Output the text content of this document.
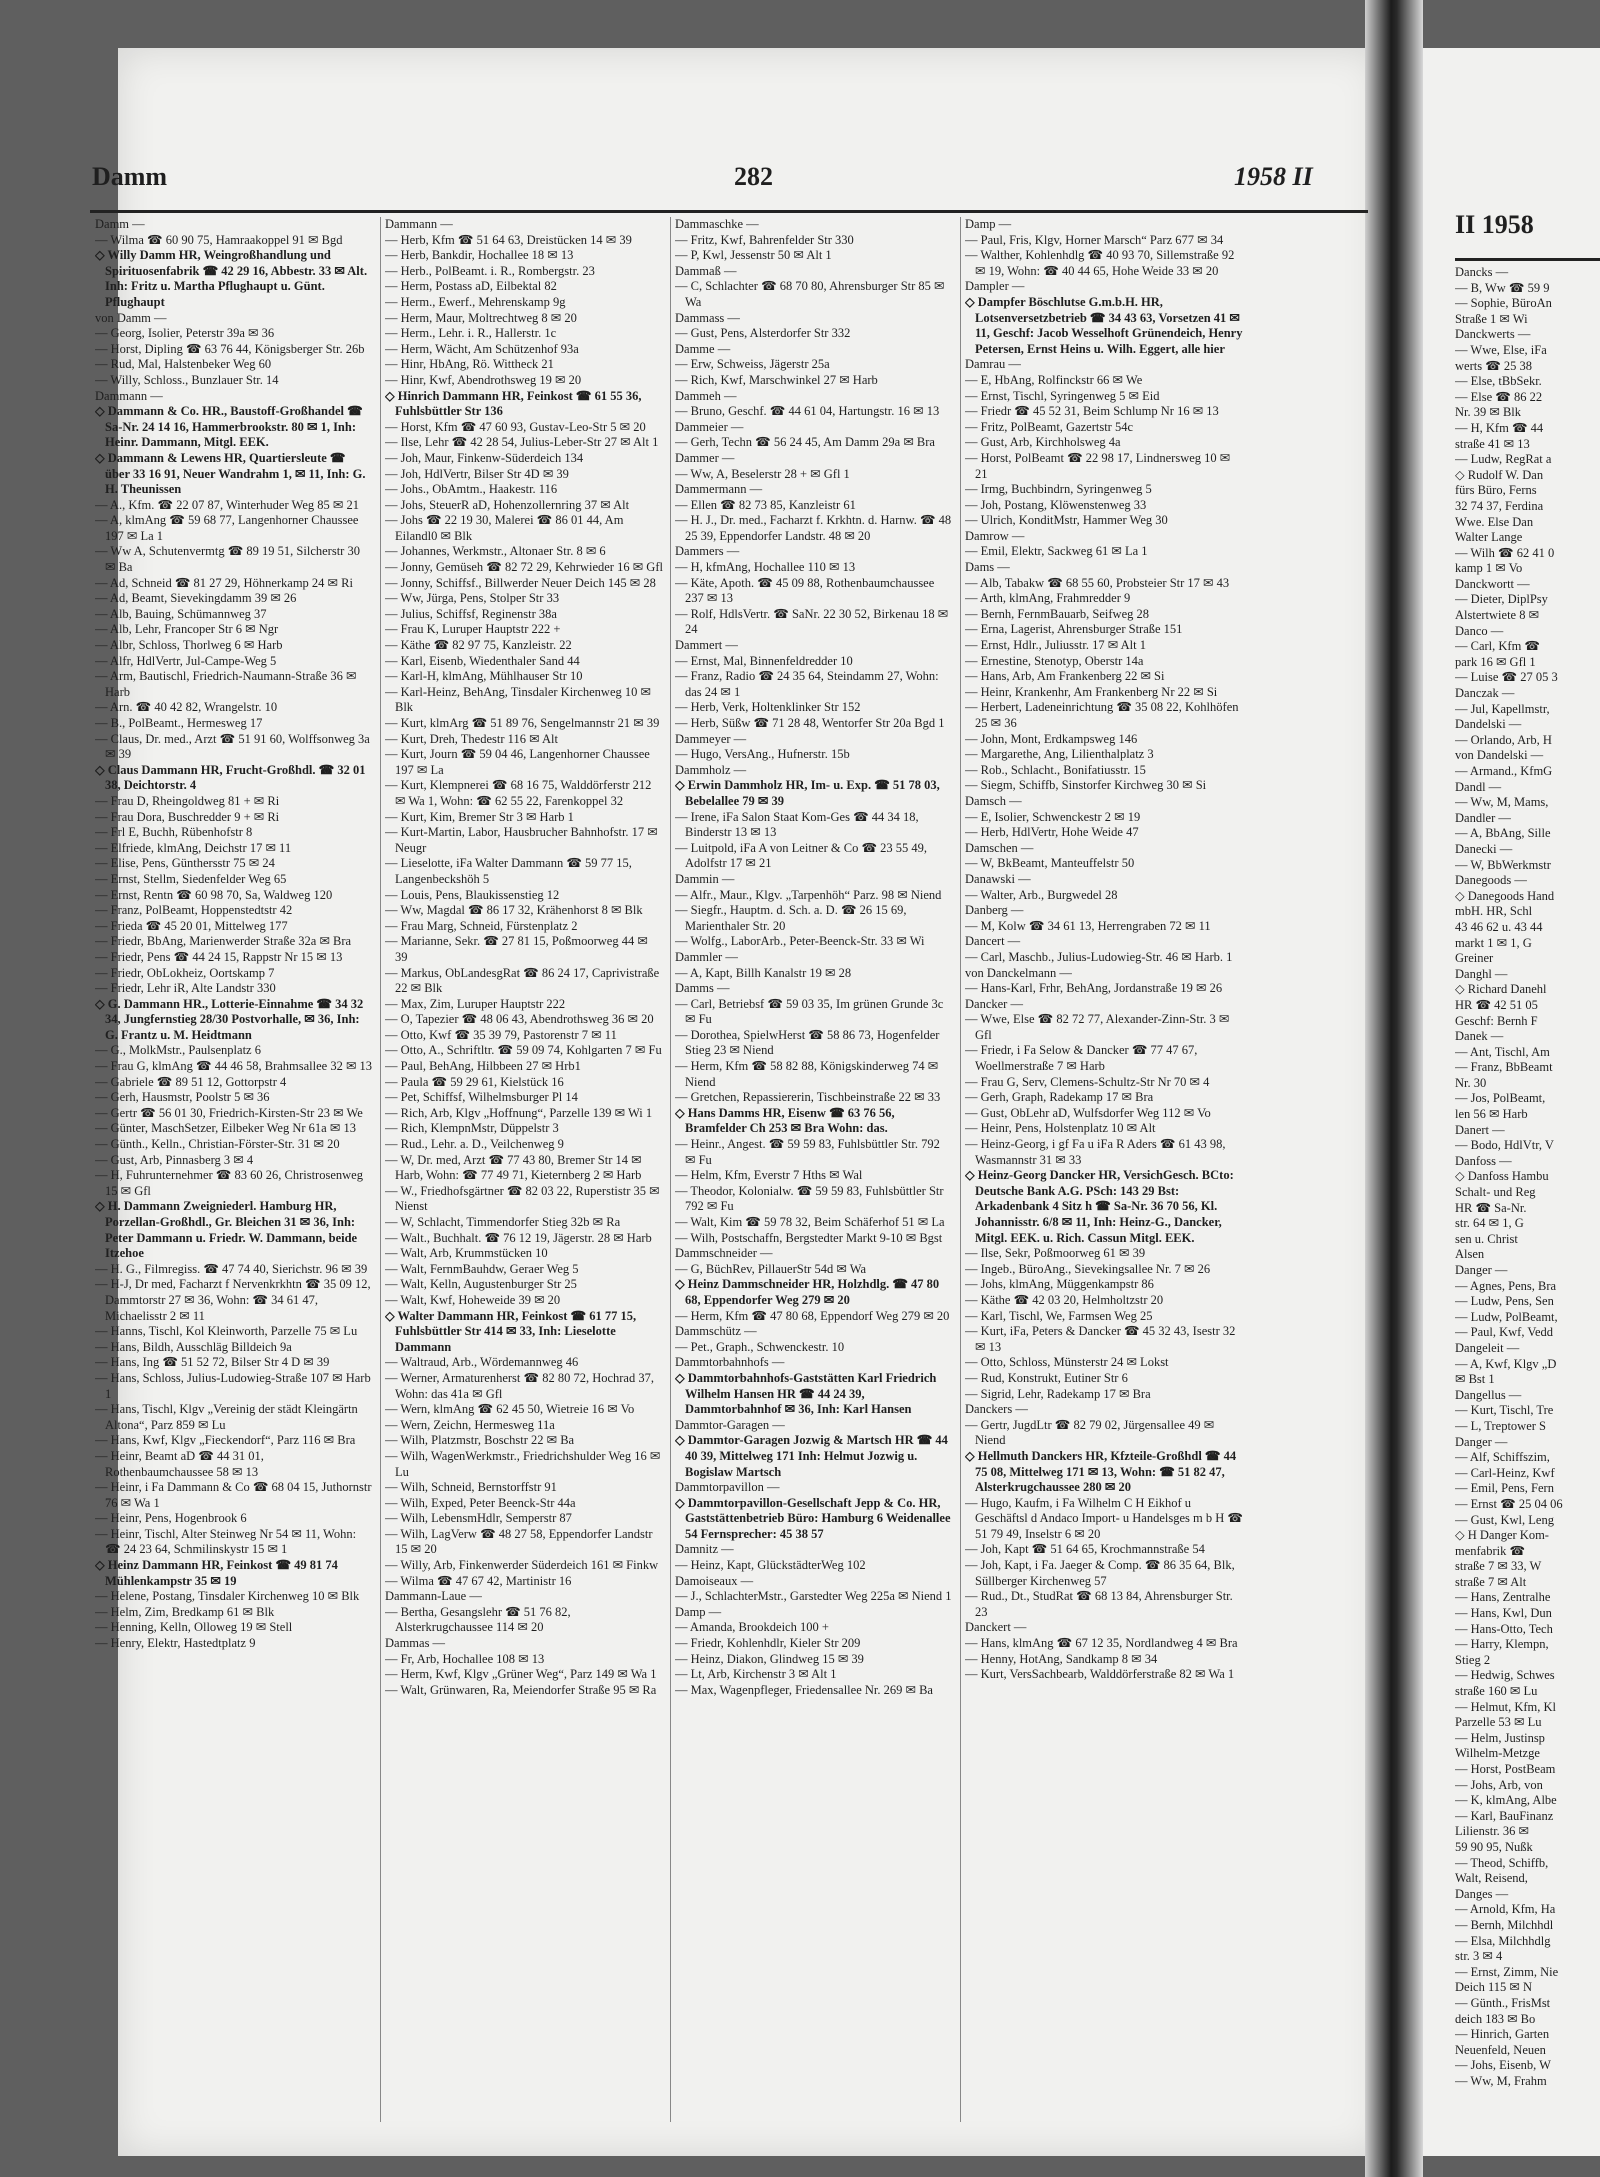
II 1958

Dancks —

— B, Ww ☎ 59 9

— Sophie, BüroAn

Straße 1 ✉ Wi

Danckwerts —

— Wwe, Else, iFa

werts ☎ 25 38

— Else, tBbSekr.

— Else ☎ 86 22

Nr. 39 ✉ Blk

— H, Kfm ☎ 44

straße 41 ✉ 13

— Ludw, RegRat a

◇ Rudolf W. Dan

fürs Büro, Ferns

32 74 37, Ferdina

Wwe. Else Dan

Walter Lange

— Wilh ☎ 62 41 0

kamp 1 ✉ Vo

Danckwortt —

— Dieter, DiplPsy

Alstertwiete 8 ✉

Danco —

— Carl, Kfm ☎

park 16 ✉ Gfl 1

— Luise ☎ 27 05 3

Danczak —

— Jul, Kapellmstr,

Dandelski —

— Orlando, Arb, H

von Dandelski —

— Armand., KfmG

Dandl —

— Ww, M, Mams,

Dandler —

— A, BbAng, Sille

Danecki —

— W, BbWerkmstr

Danegoods —

◇ Danegoods Hand

mbH. HR, Schl

43 46 62 u. 43 44

markt 1 ✉ 1, G

Greiner

Danghl —

◇ Richard Danehl

HR ☎ 42 51 05

Geschf: Bernh F

Danek —

— Ant, Tischl, Am

— Franz, BbBeamt

Nr. 30

— Jos, PolBeamt,

len 56 ✉ Harb

Danert —

— Bodo, HdlVtr, V

Danfoss —

◇ Danfoss Hambu

Schalt- und Reg

HR ☎ Sa-Nr.

str. 64 ✉ 1, G

sen u. Christ

Alsen

Danger —

— Agnes, Pens, Bra

— Ludw, Pens, Sen

— Ludw, PolBeamt,

— Paul, Kwf, Vedd

Dangeleit —

— A, Kwf, Klgv „D

✉ Bst 1

Dangellus —

— Kurt, Tischl, Tre

— L, Treptower S

Danger —

— Alf, Schiffszim,

— Carl-Heinz, Kwf

— Emil, Pens, Fern

— Ernst ☎ 25 04 06

— Gust, Kwl, Leng

◇ H Danger Kom-

menfabrik ☎

straße 7 ✉ 33, W

straße 7 ✉ Alt

— Hans, Zentralhe

— Hans, Kwl, Dun

— Hans-Otto, Tech

— Harry, Klempn,

Stieg 2

— Hedwig, Schwes

straße 160 ✉ Lu

— Helmut, Kfm, Kl

Parzelle 53 ✉ Lu

— Helm, Justinsp

Wilhelm-Metzge

— Horst, PostBeam

— Johs, Arb, von

— K, klmAng, Albe

— Karl, BauFinanz

Lilienstr. 36 ✉

59 90 95, Nußk

— Theod, Schiffb,

Walt, Reisend,

Danges —

— Arnold, Kfm, Ha

— Bernh, Milchhdl

— Elsa, Milchhdlg

str. 3 ✉ 4

— Ernst, Zimm, Nie

Deich 115 ✉ N

— Günth., FrisMst

deich 183 ✉ Bo

— Hinrich, Garten

Neuenfeld, Neuen

— Johs, Eisenb, W

— Ww, M, Frahm

Damm	282	1958 II

Damm —

— Wilma ☎ 60 90 75, Hamraakoppel 91 ✉ Bgd

◇ Willy Damm HR, Weingroßhandlung und Spirituosenfabrik ☎ 42 29 16, Abbestr. 33 ✉ Alt. Inh: Fritz u. Martha Pflughaupt u. Günt. Pflughaupt

von Damm —

— Georg, Isolier, Peterstr 39a ✉ 36

— Horst, Dipling ☎ 63 76 44, Königsberger Str. 26b

— Rud, Mal, Halstenbeker Weg 60

— Willy, Schloss., Bunzlauer Str. 14

Dammann —

◇ Dammann & Co. HR., Baustoff-Großhandel ☎ Sa-Nr. 24 14 16, Hammerbrookstr. 80 ✉ 1, Inh: Heinr. Dammann, Mitgl. EEK.

◇ Dammann & Lewens HR, Quartiersleute ☎ über 33 16 91, Neuer Wandrahm 1, ✉ 11, Inh: G. H. Theunissen

— A., Kfm. ☎ 22 07 87, Winterhuder Weg 85 ✉ 21

— A, klmAng ☎ 59 68 77, Langenhorner Chaussee 197 ✉ La 1

— Ww A, Schutenvermtg ☎ 89 19 51, Silcherstr 30 ✉ Ba

— Ad, Schneid ☎ 81 27 29, Höhnerkamp 24 ✉ Ri

— Ad, Beamt, Sievekingdamm 39 ✉ 26

— Alb, Bauing, Schümannweg 37

— Alb, Lehr, Francoper Str 6 ✉ Ngr

— Albr, Schloss, Thorlweg 6 ✉ Harb

— Alfr, HdlVertr, Jul-Campe-Weg 5

— Arm, Bautischl, Friedrich-Naumann-Straße 36 ✉ Harb

— Arn. ☎ 40 42 82, Wrangelstr. 10

— B., PolBeamt., Hermesweg 17

— Claus, Dr. med., Arzt ☎ 51 91 60, Wolffsonweg 3a ✉ 39

◇ Claus Dammann HR, Frucht-Großhdl. ☎ 32 01 38, Deichtorstr. 4

— Frau D, Rheingoldweg 81 + ✉ Ri

— Frau Dora, Buschredder 9 + ✉ Ri

— Frl E, Buchh, Rübenhofstr 8

— Elfriede, klmAng, Deichstr 17 ✉ 11

— Elise, Pens, Günthersstr 75 ✉ 24

— Ernst, Stellm, Siedenfelder Weg 65

— Ernst, Rentn ☎ 60 98 70, Sa, Waldweg 120

— Franz, PolBeamt, Hoppenstedtstr 42

— Frieda ☎ 45 20 01, Mittelweg 177

— Friedr, BbAng, Marienwerder Straße 32a ✉ Bra

— Friedr, Pens ☎ 44 24 15, Rappstr Nr 15 ✉ 13

— Friedr, ObLokheiz, Oortskamp 7

— Friedr, Lehr iR, Alte Landstr 330

◇ G. Dammann HR., Lotterie-Einnahme ☎ 34 32 34, Jungfernstieg 28/30 Postvorhalle, ✉ 36, Inh: G. Frantz u. M. Heidtmann

— G., MolkMstr., Paulsenplatz 6

— Frau G, klmAng ☎ 44 46 58, Brahmsallee 32 ✉ 13

— Gabriele ☎ 89 51 12, Gottorpstr 4

— Gerh, Hausmstr, Poolstr 5 ✉ 36

— Gertr ☎ 56 01 30, Friedrich-Kirsten-Str 23 ✉ We

— Günter, MaschSetzer, Eilbeker Weg Nr 61a ✉ 13

— Günth., Kelln., Christian-Förster-Str. 31 ✉ 20

— Gust, Arb, Pinnasberg 3 ✉ 4

— H, Fuhrunternehmer ☎ 83 60 26, Christrosenweg 15 ✉ Gfl

◇ H. Dammann Zweigniederl. Hamburg HR, Porzellan-Großhdl., Gr. Bleichen 31 ✉ 36, Inh: Peter Dammann u. Friedr. W. Dammann, beide Itzehoe

— H. G., Filmregiss. ☎ 47 74 40, Sierichstr. 96 ✉ 39

— H-J, Dr med, Facharzt f Nervenkrkhtn ☎ 35 09 12, Dammtorstr 27 ✉ 36, Wohn: ☎ 34 61 47, Michaelisstr 2 ✉ 11

— Hanns, Tischl, Kol Kleinworth, Parzelle 75 ✉ Lu

— Hans, Bildh, Ausschläg Billdeich 9a

— Hans, Ing ☎ 51 52 72, Bilser Str 4 D ✉ 39

— Hans, Schloss, Julius-Ludowieg-Straße 107 ✉ Harb 1

— Hans, Tischl, Klgv „Vereinig der städt Kleingärtn Altona“, Parz 859 ✉ Lu

— Hans, Kwf, Klgv „Fieckendorf“, Parz 116 ✉ Bra

— Heinr, Beamt aD ☎ 44 31 01, Rothenbaumchaussee 58 ✉ 13

— Heinr, i Fa Dammann & Co ☎ 68 04 15, Juthornstr 76 ✉ Wa 1

— Heinr, Pens, Hogenbrook 6

— Heinr, Tischl, Alter Steinweg Nr 54 ✉ 11, Wohn: ☎ 24 23 64, Schmilinskystr 15 ✉ 1

◇ Heinz Dammann HR, Feinkost ☎ 49 81 74 Mühlenkampstr 35 ✉ 19

— Helene, Postang, Tinsdaler Kirchenweg 10 ✉ Blk

— Helm, Zim, Bredkamp 61 ✉ Blk

— Henning, Kelln, Olloweg 19 ✉ Stell

— Henry, Elektr, Hastedtplatz 9

Dammann —

— Herb, Kfm ☎ 51 64 63, Dreistücken 14 ✉ 39

— Herb, Bankdir, Hochallee 18 ✉ 13

— Herb., PolBeamt. i. R., Rombergstr. 23

— Herm, Postass aD, Eilbektal 82

— Herm., Ewerf., Mehrenskamp 9g

— Herm, Maur, Moltrechtweg 8 ✉ 20

— Herm., Lehr. i. R., Hallerstr. 1c

— Herm, Wächt, Am Schützenhof 93a

— Hinr, HbAng, Rö. Wittheck 21

— Hinr, Kwf, Abendrothsweg 19 ✉ 20

◇ Hinrich Dammann HR, Feinkost ☎ 61 55 36, Fuhlsbüttler Str 136

— Horst, Kfm ☎ 47 60 93, Gustav-Leo-Str 5 ✉ 20

— Ilse, Lehr ☎ 42 28 54, Julius-Leber-Str 27 ✉ Alt 1

— Joh, Maur, Finkenw-Süderdeich 134

— Joh, HdlVertr, Bilser Str 4D ✉ 39

— Johs., ObAmtm., Haakestr. 116

— Johs, SteuerR aD, Hohenzollernring 37 ✉ Alt

— Johs ☎ 22 19 30, Malerei ☎ 86 01 44, Am Eilandl0 ✉ Blk

— Johannes, Werkmstr., Altonaer Str. 8 ✉ 6

— Jonny, Gemüseh ☎ 82 72 29, Kehrwieder 16 ✉ Gfl

— Jonny, Schiffsf., Billwerder Neuer Deich 145 ✉ 28

— Ww, Jürga, Pens, Stolper Str 33

— Julius, Schiffsf, Reginenstr 38a

— Frau K, Luruper Hauptstr 222 +

— Käthe ☎ 82 97 75, Kanzleistr. 22

— Karl, Eisenb, Wiedenthaler Sand 44

— Karl-H, klmAng, Mühlhauser Str 10

— Karl-Heinz, BehAng, Tinsdaler Kirchenweg 10 ✉ Blk

— Kurt, klmArg ☎ 51 89 76, Sengelmannstr 21 ✉ 39

— Kurt, Dreh, Thedestr 116 ✉ Alt

— Kurt, Journ ☎ 59 04 46, Langenhorner Chaussee 197 ✉ La

— Kurt, Klempnerei ☎ 68 16 75, Walddörferstr 212 ✉ Wa 1, Wohn: ☎ 62 55 22, Farenkoppel 32

— Kurt, Kim, Bremer Str 3 ✉ Harb 1

— Kurt-Martin, Labor, Hausbrucher Bahnhofstr. 17 ✉ Neugr

— Lieselotte, iFa Walter Dammann ☎ 59 77 15, Langenbeckshöh 5

— Louis, Pens, Blaukissenstieg 12

— Ww, Magdal ☎ 86 17 32, Krähenhorst 8 ✉ Blk

— Frau Marg, Schneid, Fürstenplatz 2

— Marianne, Sekr. ☎ 27 81 15, Poßmoorweg 44 ✉ 39

— Markus, ObLandesgRat ☎ 86 24 17, Caprivistraße 22 ✉ Blk

— Max, Zim, Luruper Hauptstr 222

— O, Tapezier ☎ 48 06 43, Abendrothsweg 36 ✉ 20

— Otto, Kwf ☎ 35 39 79, Pastorenstr 7 ✉ 11

— Otto, A., Schriftltr. ☎ 59 09 74, Kohlgarten 7 ✉ Fu

— Paul, BehAng, Hilbbeen 27 ✉ Hrb1

— Paula ☎ 59 29 61, Kielstück 16

— Pet, Schiffsf, Wilhelmsburger Pl 14

— Rich, Arb, Klgv „Hoffnung“, Parzelle 139 ✉ Wi 1

— Rich, KlempnMstr, Düppelstr 3

— Rud., Lehr. a. D., Veilchenweg 9

— W, Dr. med, Arzt ☎ 77 43 80, Bremer Str 14 ✉ Harb, Wohn: ☎ 77 49 71, Kieternberg 2 ✉ Harb

— W., Friedhofsgärtner ☎ 82 03 22, Ruperstistr 35 ✉ Nienst

— W, Schlacht, Timmendorfer Stieg 32b ✉ Ra

— Walt., Buchhalt. ☎ 76 12 19, Jägerstr. 28 ✉ Harb

— Walt, Arb, Krummstücken 10

— Walt, FernmBauhdw, Geraer Weg 5

— Walt, Kelln, Augustenburger Str 25

— Walt, Kwf, Hoheweide 39 ✉ 20

◇ Walter Dammann HR, Feinkost ☎ 61 77 15, Fuhlsbüttler Str 414 ✉ 33, Inh: Lieselotte Dammann

— Waltraud, Arb., Wördemannweg 46

— Werner, Armaturenherst ☎ 82 80 72, Hochrad 37, Wohn: das 41a ✉ Gfl

— Wern, klmAng ☎ 62 45 50, Wietreie 16 ✉ Vo

— Wern, Zeichn, Hermesweg 11a

— Wilh, Platzmstr, Boschstr 22 ✉ Ba

— Wilh, WagenWerkmstr., Friedrichshulder Weg 16 ✉ Lu

— Wilh, Schneid, Bernstorffstr 91

— Wilh, Exped, Peter Beenck-Str 44a

— Wilh, LebensmHdlr, Semperstr 87

— Wilh, LagVerw ☎ 48 27 58, Eppendorfer Landstr 15 ✉ 20

— Willy, Arb, Finkenwerder Süderdeich 161 ✉ Finkw

— Wilma ☎ 47 67 42, Martinistr 16

Dammann-Laue —

— Bertha, Gesangslehr ☎ 51 76 82, Alsterkrugchaussee 114 ✉ 20

Dammas —

— Fr, Arb, Hochallee 108 ✉ 13

— Herm, Kwf, Klgv „Grüner Weg“, Parz 149 ✉ Wa 1

— Walt, Grünwaren, Ra, Meiendorfer Straße 95 ✉ Ra

Dammaschke —

— Fritz, Kwf, Bahrenfelder Str 330

— P, Kwl, Jessenstr 50 ✉ Alt 1

Dammaß —

— C, Schlachter ☎ 68 70 80, Ahrensburger Str 85 ✉ Wa

Dammass —

— Gust, Pens, Alsterdorfer Str 332

Damme —

— Erw, Schweiss, Jägerstr 25a

— Rich, Kwf, Marschwinkel 27 ✉ Harb

Dammeh —

— Bruno, Geschf. ☎ 44 61 04, Hartungstr. 16 ✉ 13

Dammeier —

— Gerh, Techn ☎ 56 24 45, Am Damm 29a ✉ Bra

Dammer —

— Ww, A, Beselerstr 28 + ✉ Gfl 1

Dammermann —

— Ellen ☎ 82 73 85, Kanzleistr 61

— H. J., Dr. med., Facharzt f. Krkhtn. d. Harnw. ☎ 48 25 39, Eppendorfer Landstr. 48 ✉ 20

Dammers —

— H, kfmAng, Hochallee 110 ✉ 13

— Käte, Apoth. ☎ 45 09 88, Rothenbaumchaussee 237 ✉ 13

— Rolf, HdlsVertr. ☎ SaNr. 22 30 52, Birkenau 18 ✉ 24

Dammert —

— Ernst, Mal, Binnenfeldredder 10

— Franz, Radio ☎ 24 35 64, Steindamm 27, Wohn: das 24 ✉ 1

— Herb, Verk, Holtenklinker Str 152

— Herb, Süßw ☎ 71 28 48, Wentorfer Str 20a Bgd 1

Dammeyer —

— Hugo, VersAng., Hufnerstr. 15b

Dammholz —

◇ Erwin Dammholz HR, Im- u. Exp. ☎ 51 78 03, Bebelallee 79 ✉ 39

— Irene, iFa Salon Staat Kom-Ges ☎ 44 34 18, Binderstr 13 ✉ 13

— Luitpold, iFa A von Leitner & Co ☎ 23 55 49, Adolfstr 17 ✉ 21

Dammin —

— Alfr., Maur., Klgv. „Tarpenhöh“ Parz. 98 ✉ Niend

— Siegfr., Hauptm. d. Sch. a. D. ☎ 26 15 69, Marienthaler Str. 20

— Wolfg., LaborArb., Peter-Beenck-Str. 33 ✉ Wi

Dammler —

— A, Kapt, Billh Kanalstr 19 ✉ 28

Damms —

— Carl, Betriebsf ☎ 59 03 35, Im grünen Grunde 3c ✉ Fu

— Dorothea, SpielwHerst ☎ 58 86 73, Hogenfelder Stieg 23 ✉ Niend

— Herm, Kfm ☎ 58 82 88, Königskinderweg 74 ✉ Niend

— Gretchen, Repassiererin, Tischbeinstraße 22 ✉ 33

◇ Hans Damms HR, Eisenw ☎ 63 76 56, Bramfelder Ch 253 ✉ Bra Wohn: das.

— Heinr., Angest. ☎ 59 59 83, Fuhlsbüttler Str. 792 ✉ Fu

— Helm, Kfm, Everstr 7 Hths ✉ Wal

— Theodor, Kolonialw. ☎ 59 59 83, Fuhlsbüttler Str 792 ✉ Fu

— Walt, Kim ☎ 59 78 32, Beim Schäferhof 51 ✉ La

— Wilh, Postschaffn, Bergstedter Markt 9-10 ✉ Bgst

Dammschneider —

— G, BüchRev, PillauerStr 54d ✉ Wa

◇ Heinz Dammschneider HR, Holzhdlg. ☎ 47 80 68, Eppendorfer Weg 279 ✉ 20

— Herm, Kfm ☎ 47 80 68, Eppendorf Weg 279 ✉ 20

Dammschütz —

— Pet., Graph., Schwenckestr. 10

Dammtorbahnhofs —

◇ Dammtorbahnhofs-Gaststätten Karl Friedrich Wilhelm Hansen HR ☎ 44 24 39, Dammtorbahnhof ✉ 36, Inh: Karl Hansen

Dammtor-Garagen —

◇ Dammtor-Garagen Jozwig & Martsch HR ☎ 44 40 39, Mittelweg 171 Inh: Helmut Jozwig u. Bogislaw Martsch

Dammtorpavillon —

◇ Dammtorpavillon-Gesellschaft Jepp & Co. HR, Gaststättenbetrieb Büro: Hamburg 6 Weidenallee 54 Fernsprecher: 45 38 57

Damnitz —

— Heinz, Kapt, GlückstädterWeg 102

Damoiseaux —

— J., SchlachterMstr., Garstedter Weg 225a ✉ Niend 1

Damp —

— Amanda, Brookdeich 100 +

— Friedr, Kohlenhdlr, Kieler Str 209

— Heinz, Diakon, Glindweg 15 ✉ 39

— Lt, Arb, Kirchenstr 3 ✉ Alt 1

— Max, Wagenpfleger, Friedensallee Nr. 269 ✉ Ba

Damp —

— Paul, Fris, Klgv, Horner Marsch“ Parz 677 ✉ 34

— Walther, Kohlenhdlg ☎ 40 93 70, Sillemstraße 92 ✉ 19, Wohn: ☎ 40 44 65, Hohe Weide 33 ✉ 20

Dampler —

◇ Dampfer Böschlutse G.m.b.H. HR, Lotsenversetzbetrieb ☎ 34 43 63, Vorsetzen 41 ✉ 11, Geschf: Jacob Wesselhoft Grünendeich, Henry Petersen, Ernst Heins u. Wilh. Eggert, alle hier

Damrau —

— E, HbAng, Rolfinckstr 66 ✉ We

— Ernst, Tischl, Syringenweg 5 ✉ Eid

— Friedr ☎ 45 52 31, Beim Schlump Nr 16 ✉ 13

— Fritz, PolBeamt, Gazertstr 54c

— Gust, Arb, Kirchholsweg 4a

— Horst, PolBeamt ☎ 22 98 17, Lindnersweg 10 ✉ 21

— Irmg, Buchbindrn, Syringenweg 5

— Joh, Postang, Klöwenstenweg 33

— Ulrich, KonditMstr, Hammer Weg 30

Damrow —

— Emil, Elektr, Sackweg 61 ✉ La 1

Dams —

— Alb, Tabakw ☎ 68 55 60, Probsteier Str 17 ✉ 43

— Arth, klmAng, Frahmredder 9

— Bernh, FernmBauarb, Seifweg 28

— Erna, Lagerist, Ahrensburger Straße 151

— Ernst, Hdlr., Juliusstr. 17 ✉ Alt 1

— Ernestine, Stenotyp, Oberstr 14a

— Hans, Arb, Am Frankenberg 22 ✉ Si

— Heinr, Krankenhr, Am Frankenberg Nr 22 ✉ Si

— Herbert, Ladeneinrichtung ☎ 35 08 22, Kohlhöfen 25 ✉ 36

— John, Mont, Erdkampsweg 146

— Margarethe, Ang, Lilienthalplatz 3

— Rob., Schlacht., Bonifatiusstr. 15

— Siegm, Schiffb, Sinstorfer Kirchweg 30 ✉ Si

Damsch —

— E, Isolier, Schwenckestr 2 ✉ 19

— Herb, HdlVertr, Hohe Weide 47

Damschen —

— W, BkBeamt, Manteuffelstr 50

Danawski —

— Walter, Arb., Burgwedel 28

Danberg —

— M, Kolw ☎ 34 61 13, Herrengraben 72 ✉ 11

Dancert —

— Carl, Maschb., Julius-Ludowieg-Str. 46 ✉ Harb. 1

von Danckelmann —

— Hans-Karl, Frhr, BehAng, Jordanstraße 19 ✉ 26

Dancker —

— Wwe, Else ☎ 82 72 77, Alexander-Zinn-Str. 3 ✉ Gfl

— Friedr, i Fa Selow & Dancker ☎ 77 47 67, Woellmerstraße 7 ✉ Harb

— Frau G, Serv, Clemens-Schultz-Str Nr 70 ✉ 4

— Gerh, Graph, Radekamp 17 ✉ Bra

— Gust, ObLehr aD, Wulfsdorfer Weg 112 ✉ Vo

— Heinr, Pens, Holstenplatz 10 ✉ Alt

— Heinz-Georg, i gf Fa u iFa R Aders ☎ 61 43 98, Wasmannstr 31 ✉ 33

◇ Heinz-Georg Dancker HR, VersichGesch. BCto: Deutsche Bank A.G. PSch: 143 29 Bst: Arkadenbank 4 Sitz h ☎ Sa-Nr. 36 70 56, Kl. Johannisstr. 6/8 ✉ 11, Inh: Heinz-G., Dancker, Mitgl. EEK. u. Rich. Cassun Mitgl. EEK.

— Ilse, Sekr, Poßmoorweg 61 ✉ 39

— Ingeb., BüroAng., Sievekingsallee Nr. 7 ✉ 26

— Johs, klmAng, Müggenkampstr 86

— Käthe ☎ 42 03 20, Helmholtzstr 20

— Karl, Tischl, We, Farmsen Weg 25

— Kurt, iFa, Peters & Dancker ☎ 45 32 43, Isestr 32 ✉ 13

— Otto, Schloss, Münsterstr 24 ✉ Lokst

— Rud, Konstrukt, Eutiner Str 6

— Sigrid, Lehr, Radekamp 17 ✉ Bra

Danckers —

— Gertr, JugdLtr ☎ 82 79 02, Jürgensallee 49 ✉ Niend

◇ Hellmuth Danckers HR, Kfzteile-Großhdl ☎ 44 75 08, Mittelweg 171 ✉ 13, Wohn: ☎ 51 82 47, Alsterkrugchaussee 280 ✉ 20

— Hugo, Kaufm, i Fa Wilhelm C H Eikhof u Geschäftsl d Andaco Import- u Handelsges m b H ☎ 51 79 49, Inselstr 6 ✉ 20

— Joh, Kapt ☎ 51 64 65, Krochmannstraße 54

— Joh, Kapt, i Fa. Jaeger & Comp. ☎ 86 35 64, Blk, Süllberger Kirchenweg 57

— Rud., Dt., StudRat ☎ 68 13 84, Ahrensburger Str. 23

Danckert —

— Hans, klmAng ☎ 67 12 35, Nordlandweg 4 ✉ Bra

— Henny, HotAng, Sandkamp 8 ✉ 34

— Kurt, VersSachbearb, Walddörferstraße 82 ✉ Wa 1
